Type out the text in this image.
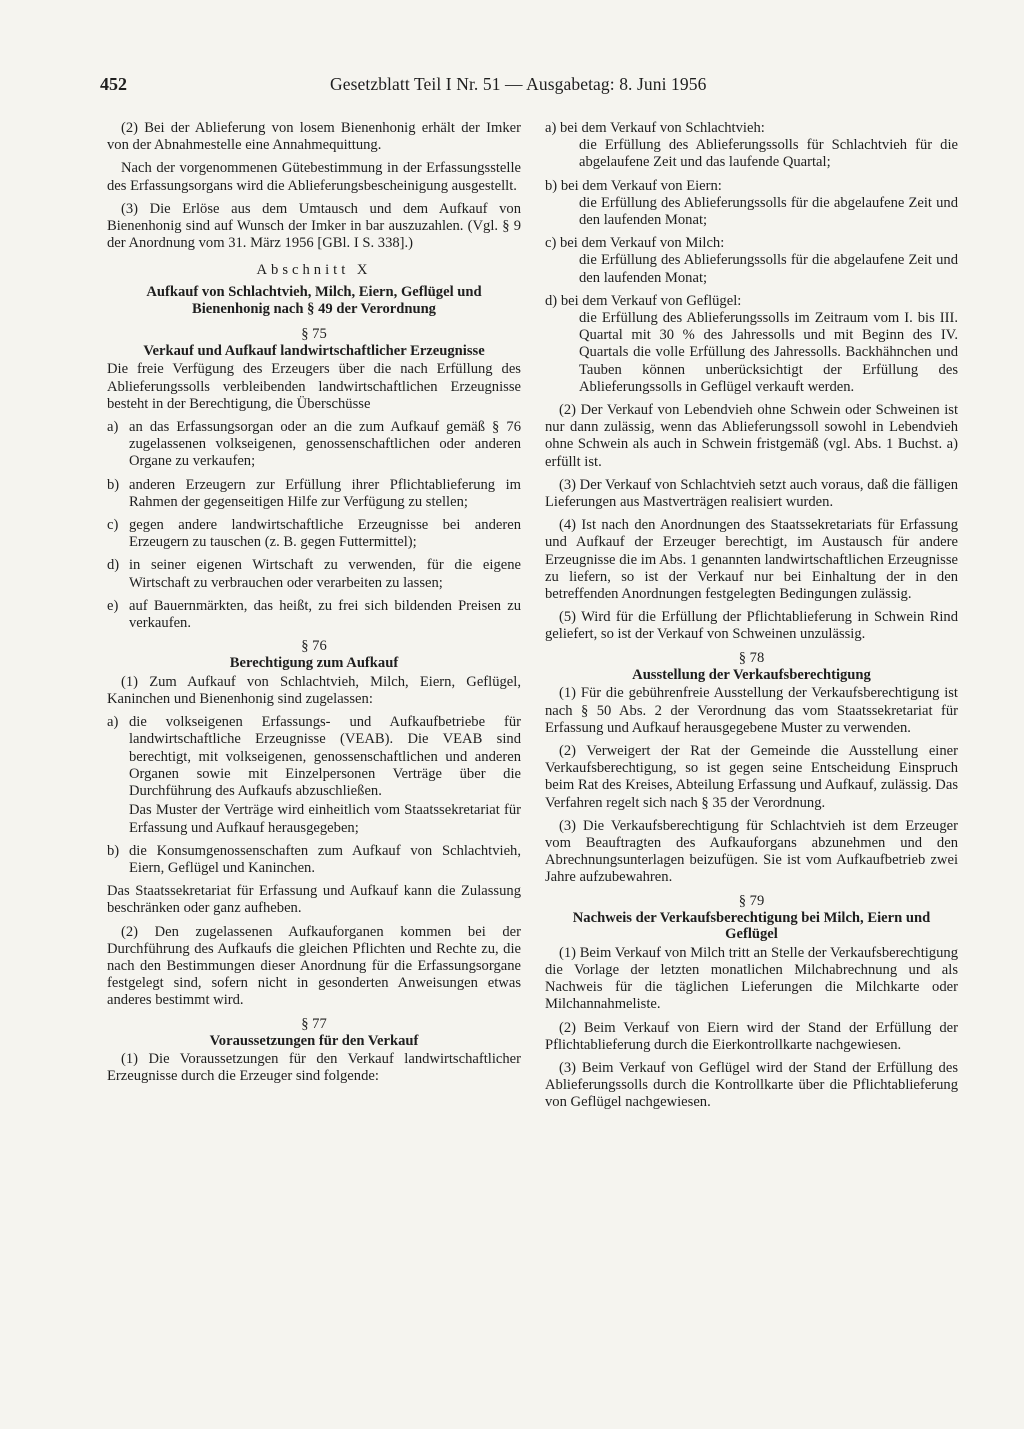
452	Gesetzblatt Teil I Nr. 51 — Ausgabetag: 8. Juni 1956

(2) Bei der Ablieferung von losem Bienenhonig erhält der Imker von der Abnahmestelle eine Annahmequittung.

Nach der vorgenommenen Gütebestimmung in der Erfassungsstelle des Erfassungsorgans wird die Ablieferungsbescheinigung ausgestellt.

(3) Die Erlöse aus dem Umtausch und dem Aufkauf von Bienenhonig sind auf Wunsch der Imker in bar auszuzahlen. (Vgl. § 9 der Anordnung vom 31. März 1956 [GBl. I S. 338].)

Abschnitt X
Aufkauf von Schlachtvieh, Milch, Eiern, Geflügel und Bienenhonig nach § 49 der Verordnung
§ 75
Verkauf und Aufkauf landwirtschaftlicher Erzeugnisse

Die freie Verfügung des Erzeugers über die nach Erfüllung des Ablieferungssolls verbleibenden landwirtschaftlichen Erzeugnisse besteht in der Berechtigung, die Überschüsse

a) an das Erfassungsorgan oder an die zum Aufkauf gemäß § 76 zugelassenen volkseigenen, genossenschaftlichen oder anderen Organe zu verkaufen;
b) anderen Erzeugern zur Erfüllung ihrer Pflichtablieferung im Rahmen der gegenseitigen Hilfe zur Verfügung zu stellen;
c) gegen andere landwirtschaftliche Erzeugnisse bei anderen Erzeugern zu tauschen (z. B. gegen Futtermittel);
d) in seiner eigenen Wirtschaft zu verwenden, für die eigene Wirtschaft zu verbrauchen oder verarbeiten zu lassen;
e) auf Bauernmärkten, das heißt, zu frei sich bildenden Preisen zu verkaufen.
§ 76
Berechtigung zum Aufkauf

(1) Zum Aufkauf von Schlachtvieh, Milch, Eiern, Geflügel, Kaninchen und Bienenhonig sind zugelassen:

a) die volkseigenen Erfassungs- und Aufkaufbetriebe für landwirtschaftliche Erzeugnisse (VEAB). Die VEAB sind berechtigt, mit volkseigenen, genossenschaftlichen und anderen Organen sowie mit Einzelpersonen Verträge über die Durchführung des Aufkaufs abzuschließen.
Das Muster der Verträge wird einheitlich vom Staatssekretariat für Erfassung und Aufkauf herausgegeben;
b) die Konsumgenossenschaften zum Aufkauf von Schlachtvieh, Eiern, Geflügel und Kaninchen.

Das Staatssekretariat für Erfassung und Aufkauf kann die Zulassung beschränken oder ganz aufheben.

(2) Den zugelassenen Aufkauforganen kommen bei der Durchführung des Aufkaufs die gleichen Pflichten und Rechte zu, die nach den Bestimmungen dieser Anordnung für die Erfassungsorgane festgelegt sind, sofern nicht in gesonderten Anweisungen etwas anderes bestimmt wird.

§ 77
Voraussetzungen für den Verkauf

(1) Die Voraussetzungen für den Verkauf landwirtschaftlicher Erzeugnisse durch die Erzeuger sind folgende:

a) bei dem Verkauf von Schlachtvieh:
die Erfüllung des Ablieferungssolls für Schlachtvieh für die abgelaufene Zeit und das laufende Quartal;
b) bei dem Verkauf von Eiern:
die Erfüllung des Ablieferungssolls für die abgelaufene Zeit und den laufenden Monat;
c) bei dem Verkauf von Milch:
die Erfüllung des Ablieferungssolls für die abgelaufene Zeit und den laufenden Monat;
d) bei dem Verkauf von Geflügel:
die Erfüllung des Ablieferungssolls im Zeitraum vom I. bis III. Quartal mit 30 % des Jahressolls und mit Beginn des IV. Quartals die volle Erfüllung des Jahressolls. Backhähnchen und Tauben können unberücksichtigt der Erfüllung des Ablieferungssolls in Geflügel verkauft werden.

(2) Der Verkauf von Lebendvieh ohne Schwein oder Schweinen ist nur dann zulässig, wenn das Ablieferungssoll sowohl in Lebendvieh ohne Schwein als auch in Schwein fristgemäß (vgl. Abs. 1 Buchst. a) erfüllt ist.

(3) Der Verkauf von Schlachtvieh setzt auch voraus, daß die fälligen Lieferungen aus Mastverträgen realisiert wurden.

(4) Ist nach den Anordnungen des Staatssekretariats für Erfassung und Aufkauf der Erzeuger berechtigt, im Austausch für andere Erzeugnisse die im Abs. 1 genannten landwirtschaftlichen Erzeugnisse zu liefern, so ist der Verkauf nur bei Einhaltung der in den betreffenden Anordnungen festgelegten Bedingungen zulässig.

(5) Wird für die Erfüllung der Pflichtablieferung in Schwein Rind geliefert, so ist der Verkauf von Schweinen unzulässig.

§ 78
Ausstellung der Verkaufsberechtigung

(1) Für die gebührenfreie Ausstellung der Verkaufsberechtigung ist nach § 50 Abs. 2 der Verordnung das vom Staatssekretariat für Erfassung und Aufkauf herausgegebene Muster zu verwenden.

(2) Verweigert der Rat der Gemeinde die Ausstellung einer Verkaufsberechtigung, so ist gegen seine Entscheidung Einspruch beim Rat des Kreises, Abteilung Erfassung und Aufkauf, zulässig. Das Verfahren regelt sich nach § 35 der Verordnung.

(3) Die Verkaufsberechtigung für Schlachtvieh ist dem Erzeuger vom Beauftragten des Aufkauforgans abzunehmen und den Abrechnungsunterlagen beizufügen. Sie ist vom Aufkaufbetrieb zwei Jahre aufzubewahren.

§ 79
Nachweis der Verkaufsberechtigung bei Milch, Eiern und Geflügel

(1) Beim Verkauf von Milch tritt an Stelle der Verkaufsberechtigung die Vorlage der letzten monatlichen Milchabrechnung und als Nachweis für die täglichen Lieferungen die Milchkarte oder Milchannahmeliste.

(2) Beim Verkauf von Eiern wird der Stand der Erfüllung der Pflichtablieferung durch die Eierkontrollkarte nachgewiesen.

(3) Beim Verkauf von Geflügel wird der Stand der Erfüllung des Ablieferungssolls durch die Kontrollkarte über die Pflichtablieferung von Geflügel nachgewiesen.
